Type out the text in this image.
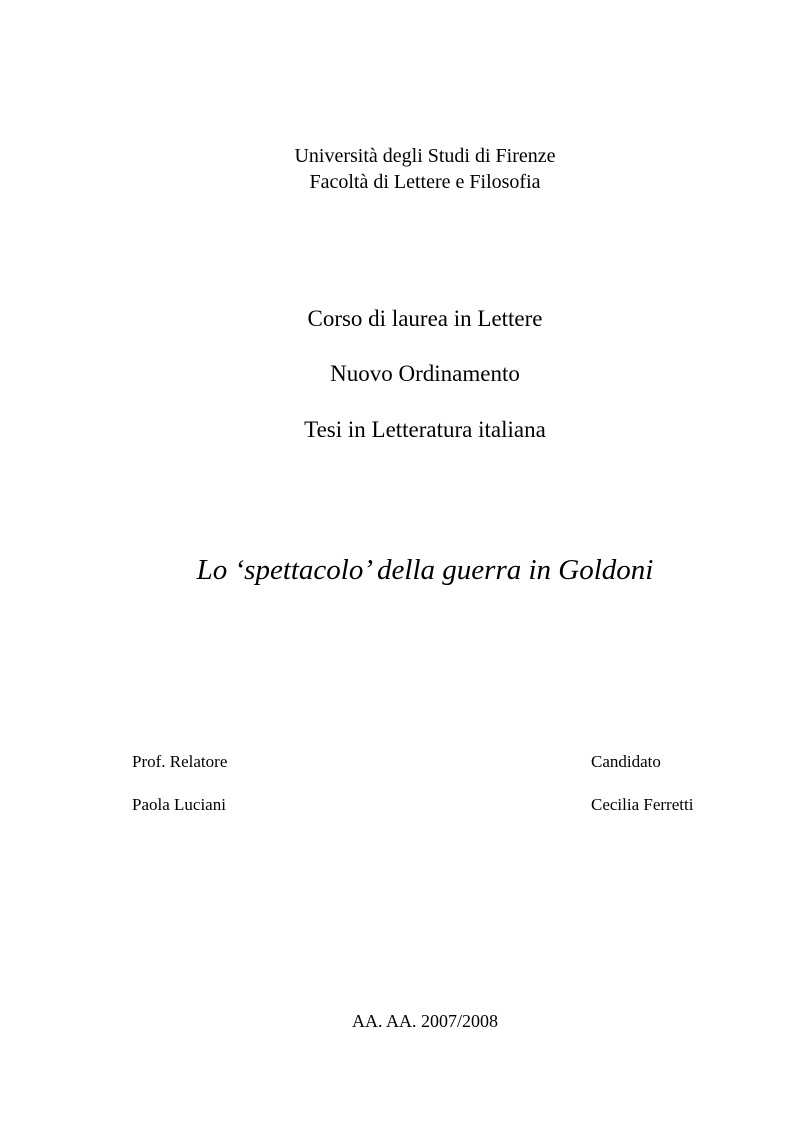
Università degli Studi di Firenze
Facoltà di Lettere e Filosofia
Corso di laurea in Lettere
Nuovo Ordinamento
Tesi in Letteratura italiana
Lo ‘spettacolo’ della guerra in Goldoni
Prof. Relatore
Paola Luciani
Candidato
Cecilia Ferretti
AA. AA. 2007/2008
